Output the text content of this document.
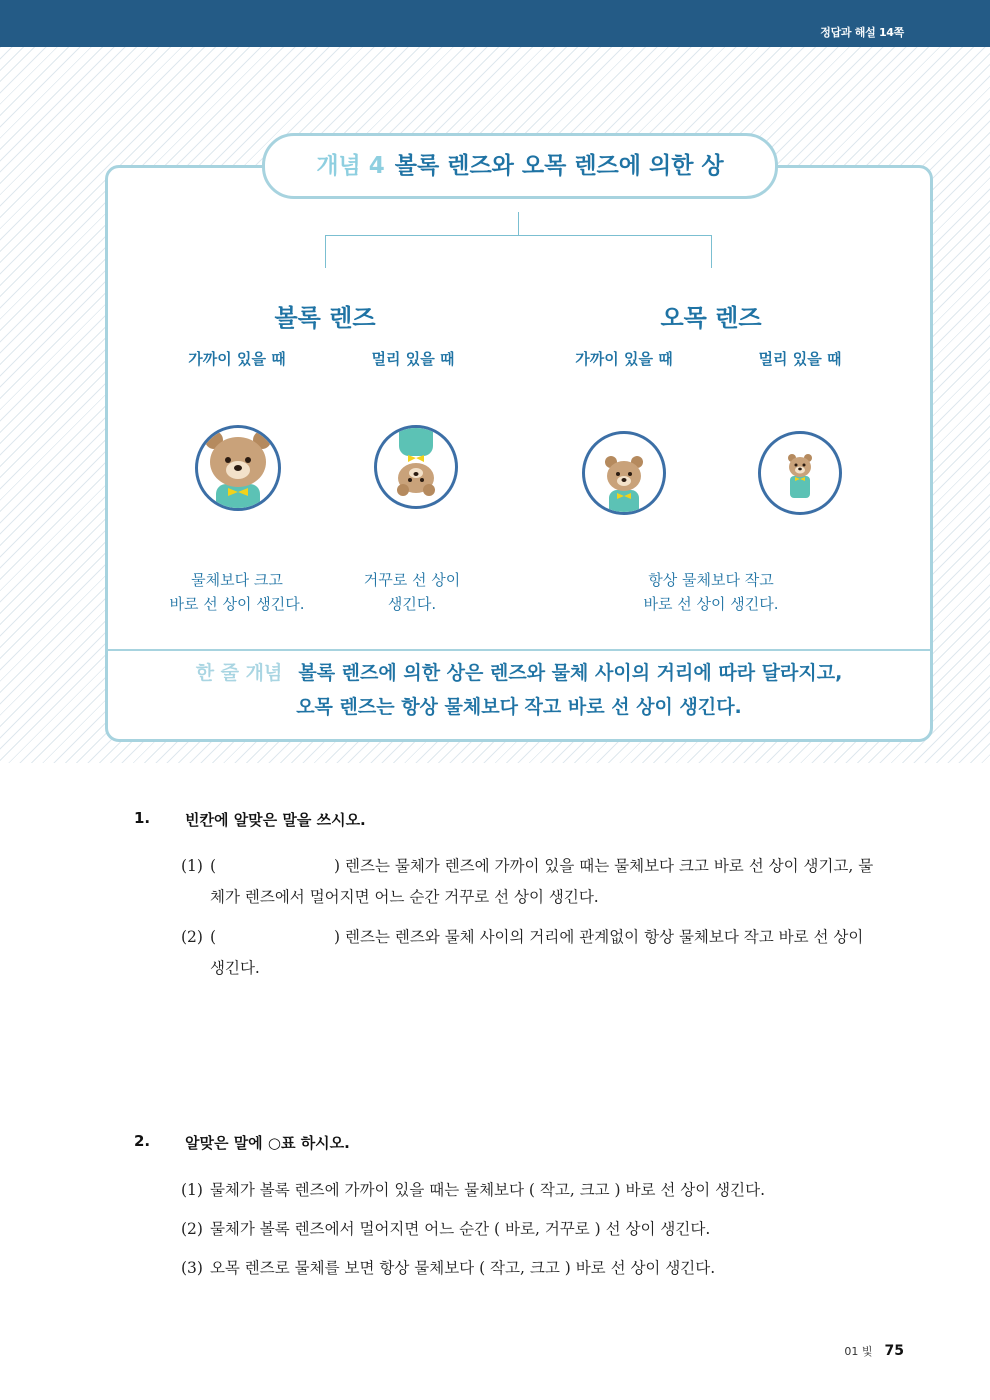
정답과 해설 14쪽
개념 4 볼록 렌즈와 오목 렌즈에 의한 상
볼록 렌즈	오목 렌즈
가까이 있을 때	멀리 있을 때	가까이 있을 때	멀리 있을 때
물체보다 크고
바로 선 상이 생긴다.
거꾸로 선 상이
생긴다.
항상 물체보다 작고
바로 선 상이 생긴다.
한 줄 개념 볼록 렌즈에 의한 상은 렌즈와 물체 사이의 거리에 따라 달라지고,
오목 렌즈는 항상 물체보다 작고 바로 선 상이 생긴다.
1. 빈칸에 알맞은 말을 쓰시오.
(1) (	) 렌즈는 물체가 렌즈에 가까이 있을 때는 물체보다 크고 바로 선 상이 생기고, 물
체가 렌즈에서 멀어지면 어느 순간 거꾸로 선 상이 생긴다.
(2) (	) 렌즈는 렌즈와 물체 사이의 거리에 관계없이 항상 물체보다 작고 바로 선 상이
생긴다.
2. 알맞은 말에 ○표 하시오.
(1) 물체가 볼록 렌즈에 가까이 있을 때는 물체보다 ( 작고, 크고 ) 바로 선 상이 생긴다.
(2) 물체가 볼록 렌즈에서 멀어지면 어느 순간 ( 바로, 거꾸로 ) 선 상이 생긴다.
(3) 오목 렌즈로 물체를 보면 항상 물체보다 ( 작고, 크고 ) 바로 선 상이 생긴다.
01 빛 75
